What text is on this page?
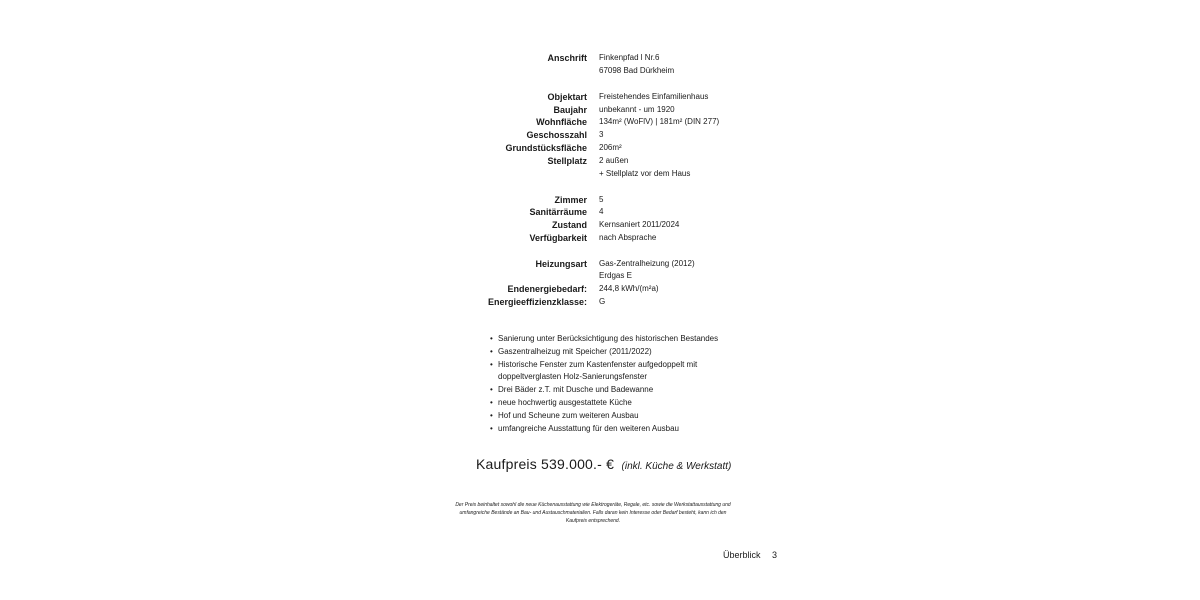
Anschrift Finkenpfad l Nr.6
67098 Bad Dürkheim
Objektart Freistehendes Einfamilienhaus
Baujahr unbekannt - um 1920
Wohnfläche 134m² (WoFlV) | 181m² (DIN 277)
Geschosszahl 3
Grundstücksfläche 206m²
Stellplatz 2 außen
+ Stellplatz vor dem Haus
Zimmer 5
Sanitärräume 4
Zustand Kernsaniert 2011/2024
Verfügbarkeit nach Absprache
Heizungsart Gas-Zentralheizung (2012)
Erdgas E
Endenergiebedarf: 244,8 kWh/(m²a)
Energieeffizienzklasse: G
• Sanierung unter Berücksichtigung des historischen Bestandes
• Gaszentralheizug mit Speicher (2011/2022)
• Historische Fenster zum Kastenfenster aufgedoppelt mit doppeltverglasten Holz-Sanierungsfenster
• Drei Bäder z.T. mit Dusche und Badewanne
• neue hochwertig ausgestattete Küche
• Hof und Scheune zum weiteren Ausbau
• umfangreiche Ausstattung für den weiteren Ausbau
Kaufpreis 539.000.- € (inkl. Küche & Werkstatt)
Der Preis beinhaltet sowohl die neue Küchenausstattung wie Elektrogeräte, Regale, etc. sowie die Werkstattausstattung und umfangreiche Bestände an Bau- und Austauschmaterialien. Falls daran kein Interesse oder Bedarf besteht, kann ich den Kaufpreis entsprechend.
Überblick 3
